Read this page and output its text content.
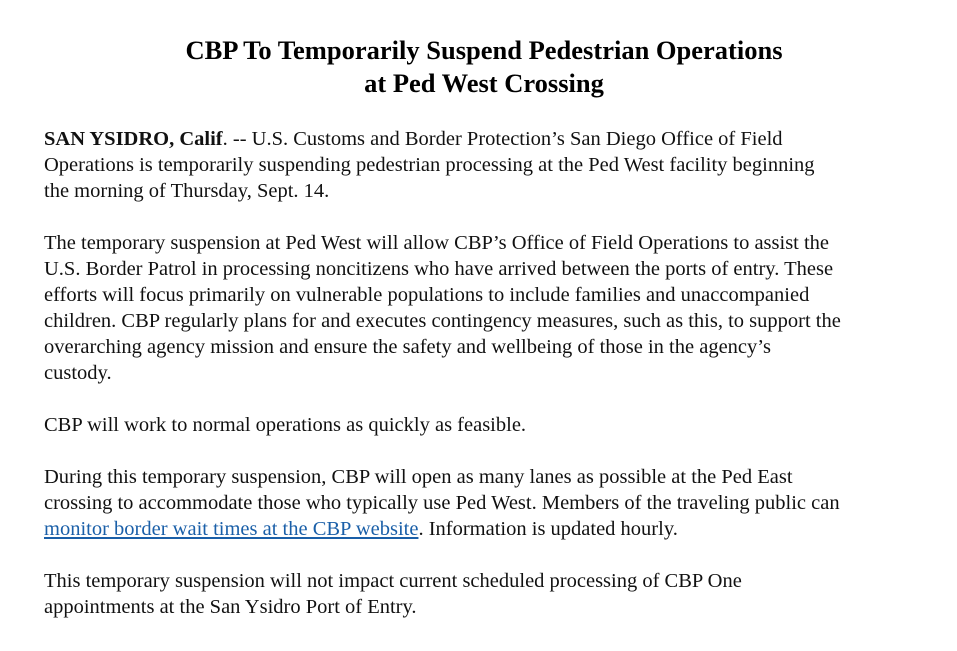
CBP To Temporarily Suspend Pedestrian Operations
at Ped West Crossing

SAN YSIDRO, Calif. -- U.S. Customs and Border Protection’s San Diego Office of Field
Operations is temporarily suspending pedestrian processing at the Ped West facility beginning
the morning of Thursday, Sept. 14.

The temporary suspension at Ped West will allow CBP’s Office of Field Operations to assist the
U.S. Border Patrol in processing noncitizens who have arrived between the ports of entry. These
efforts will focus primarily on vulnerable populations to include families and unaccompanied
children. CBP regularly plans for and executes contingency measures, such as this, to support the
overarching agency mission and ensure the safety and wellbeing of those in the agency’s
custody.

CBP will work to normal operations as quickly as feasible.

During this temporary suspension, CBP will open as many lanes as possible at the Ped East
crossing to accommodate those who typically use Ped West. Members of the traveling public can
monitor border wait times at the CBP website. Information is updated hourly.

This temporary suspension will not impact current scheduled processing of CBP One
appointments at the San Ysidro Port of Entry.
